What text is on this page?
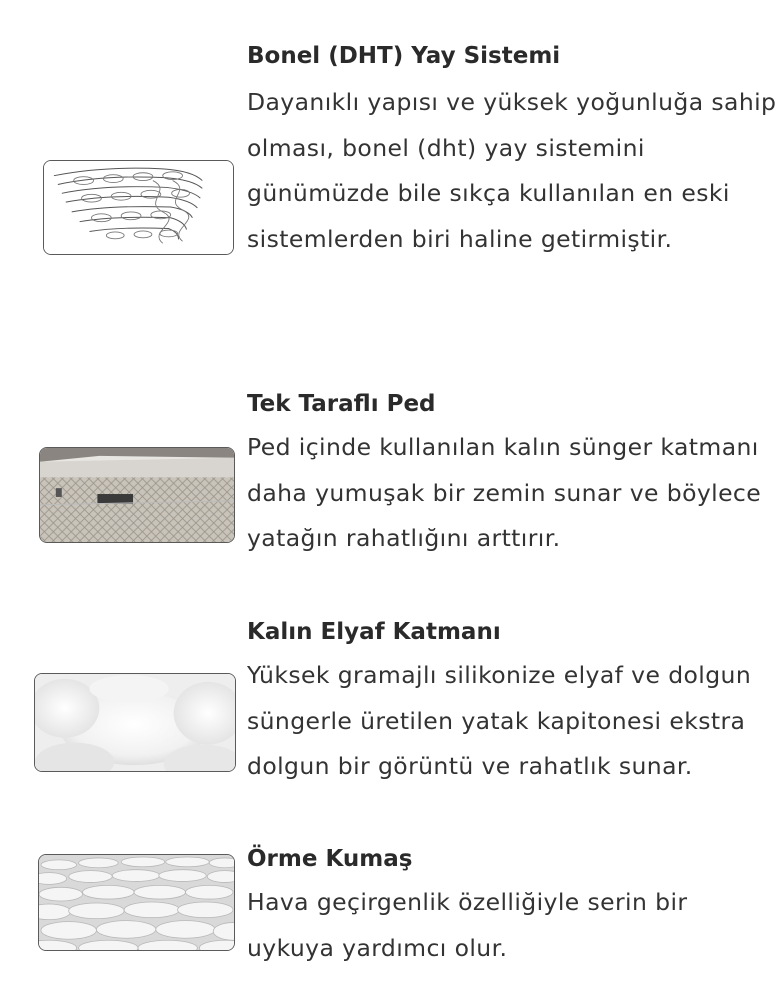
Bonel (DHT) Yay Sistemi
Dayanıklı yapısı ve yüksek yoğunluğa sahip olması, bonel (dht) yay sistemini günümüzde bile sıkça kullanılan en eski sistemlerden biri haline getirmiştir.
Tek Taraflı Ped
Ped içinde kullanılan kalın sünger katmanı daha yumuşak bir zemin sunar ve böylece yatağın rahatlığını arttırır.
Kalın Elyaf Katmanı
Yüksek gramajlı silikonize elyaf ve dolgun süngerle üretilen yatak kapitonesi ekstra dolgun bir görüntü ve rahatlık sunar.
Örme Kumaş
Hava geçirgenlik özelliğiyle serin bir uykuya yardımcı olur.
